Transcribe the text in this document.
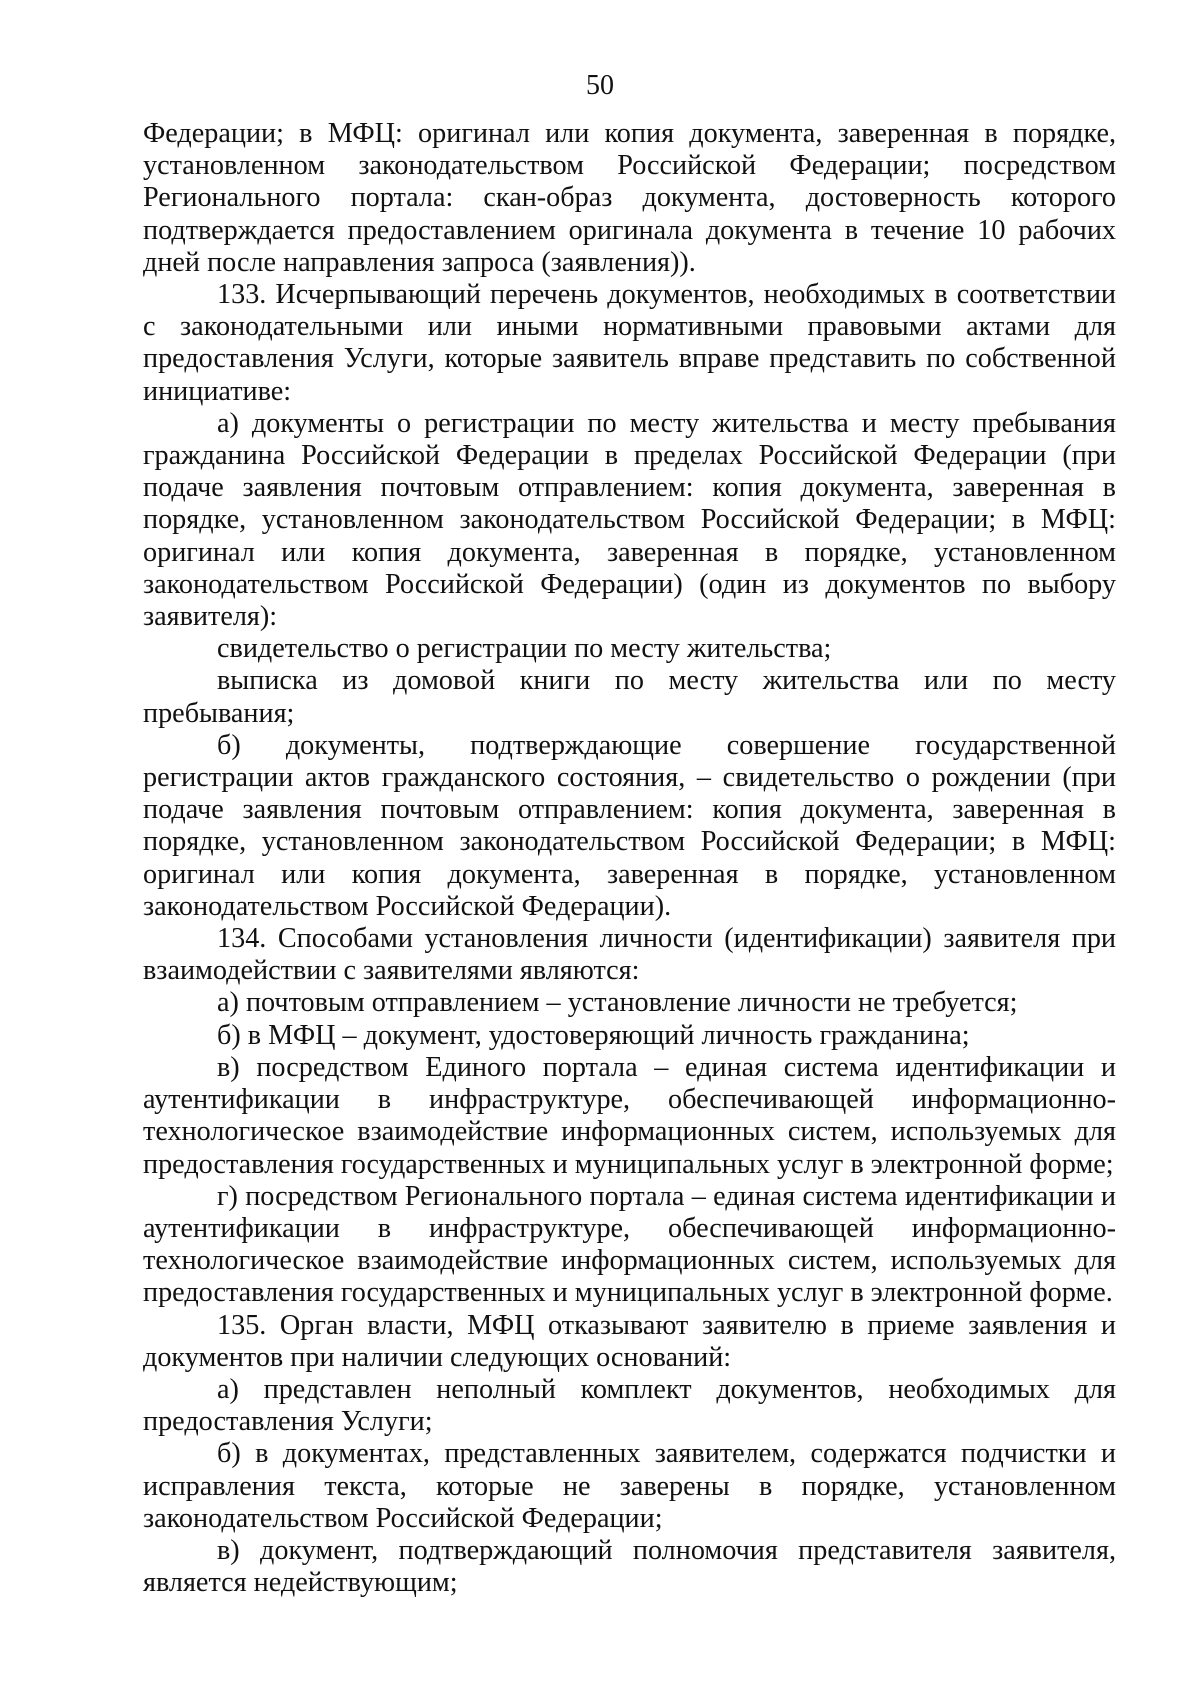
50

Федерации; в МФЦ: оригинал или копия документа, заверенная в порядке, установленном законодательством Российской Федерации; посредством Регионального портала: скан-образ документа, достоверность которого подтверждается предоставлением оригинала документа в течение 10 рабочих дней после направления запроса (заявления)).

133. Исчерпывающий перечень документов, необходимых в соответствии с законодательными или иными нормативными правовыми актами для предоставления Услуги, которые заявитель вправе представить по собственной инициативе:

а) документы о регистрации по месту жительства и месту пребывания гражданина Российской Федерации в пределах Российской Федерации (при подаче заявления почтовым отправлением: копия документа, заверенная в порядке, установленном законодательством Российской Федерации; в МФЦ: оригинал или копия документа, заверенная в порядке, установленном законодательством Российской Федерации) (один из документов по выбору заявителя):

свидетельство о регистрации по месту жительства;

выписка из домовой книги по месту жительства или по месту пребывания;

б) документы, подтверждающие совершение государственной регистрации актов гражданского состояния, – свидетельство о рождении (при подаче заявления почтовым отправлением: копия документа, заверенная в порядке, установленном законодательством Российской Федерации; в МФЦ: оригинал или копия документа, заверенная в порядке, установленном законодательством Российской Федерации).

134. Способами установления личности (идентификации) заявителя при взаимодействии с заявителями являются:

а) почтовым отправлением – установление личности не требуется;

б) в МФЦ – документ, удостоверяющий личность гражданина;

в) посредством Единого портала – единая система идентификации и аутентификации в инфраструктуре, обеспечивающей информационно-технологическое взаимодействие информационных систем, используемых для предоставления государственных и муниципальных услуг в электронной форме;

г) посредством Регионального портала – единая система идентификации и аутентификации в инфраструктуре, обеспечивающей информационно-технологическое взаимодействие информационных систем, используемых для предоставления государственных и муниципальных услуг в электронной форме.

135. Орган власти, МФЦ отказывают заявителю в приеме заявления и документов при наличии следующих оснований:

а) представлен неполный комплект документов, необходимых для предоставления Услуги;

б) в документах, представленных заявителем, содержатся подчистки и исправления текста, которые не заверены в порядке, установленном законодательством Российской Федерации;

в) документ, подтверждающий полномочия представителя заявителя, является недействующим;
